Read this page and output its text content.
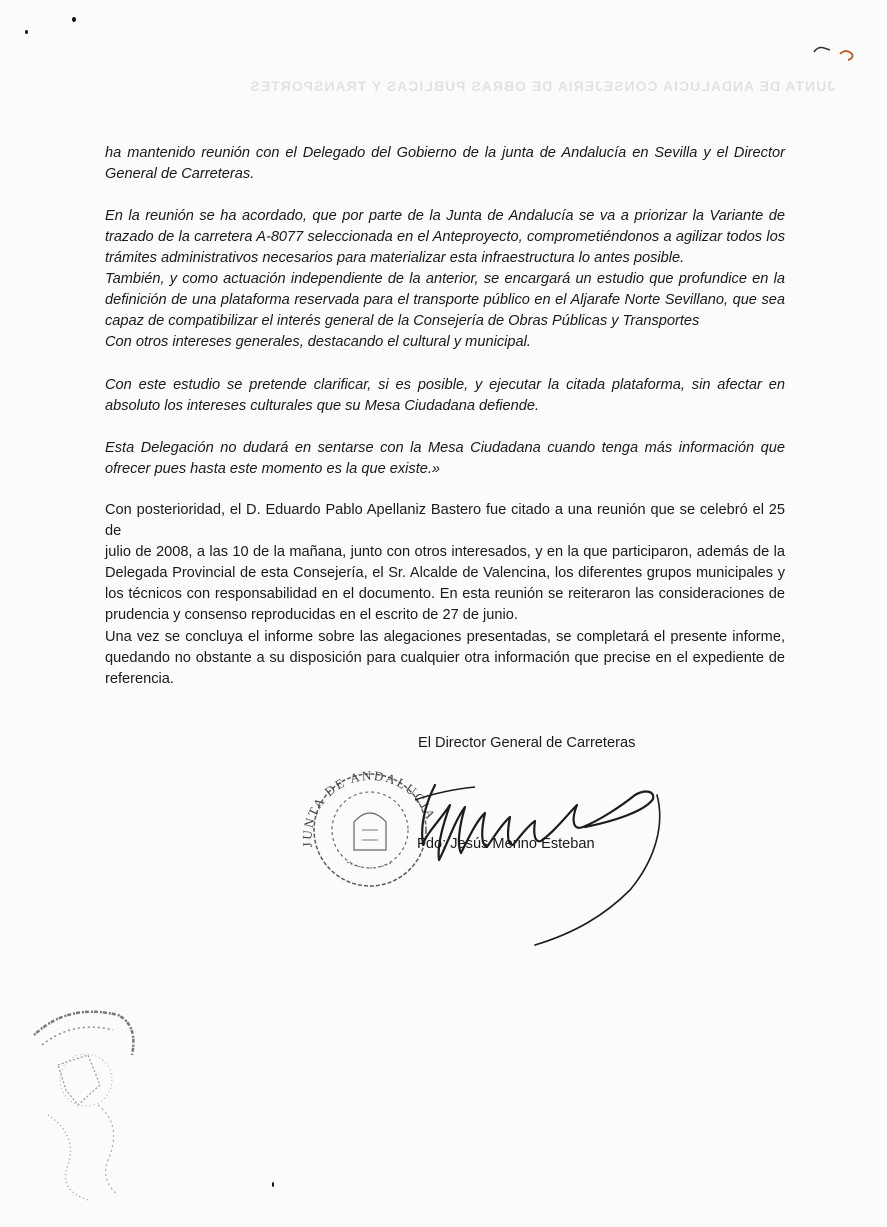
JUNTA DE ANDALUCIA CONSEJERIA DE OBRAS PUBLICAS Y TRANSPORTES

ha mantenido reunión con el Delegado del Gobierno de la junta de Andalucía en Sevilla y el Director
General de Carreteras.

En la reunión se ha acordado, que por parte de la Junta de Andalucía se va a priorizar la Variante de
trazado de la carretera A-8077 seleccionada en el Anteproyecto, comprometiéndonos a agilizar todos los
trámites administrativos necesarios para materializar esta infraestructura lo antes posible.
También, y como actuación independiente de la anterior, se encargará un estudio que profundice en la
definición de una plataforma reservada para el transporte público en el Aljarafe Norte Sevillano, que sea
capaz de compatibilizar el interés general de la Consejería de Obras Públicas y Transportes
Con otros intereses generales, destacando el cultural y municipal.

Con este estudio se pretende clarificar, si es posible, y ejecutar la citada plataforma, sin afectar en
absoluto los intereses culturales que su Mesa Ciudadana defiende.

Esta Delegación no dudará en sentarse con la Mesa Ciudadana cuando tenga más información que
ofrecer pues hasta este momento es la que existe.»

Con posterioridad, el D. Eduardo Pablo Apellaniz Bastero fue citado a una reunión que se celebró el 25 de
julio de 2008, a las 10 de la mañana, junto con otros interesados, y en la que participaron, además de la
Delegada Provincial de esta Consejería, el Sr. Alcalde de Valencina, los diferentes grupos municipales y
los técnicos con responsabilidad en el documento. En esta reunión se reiteraron las consideraciones de
prudencia y consenso reproducidas en el escrito de 27 de junio.

Una vez se concluya el informe sobre las alegaciones presentadas, se completará el presente informe,
quedando no obstante a su disposición para cualquier otra información que precise en el expediente de
referencia.

El Director General de Carreteras
JUNTA DE ANDALUCIA
Fdo: Jesús Merino Esteban
